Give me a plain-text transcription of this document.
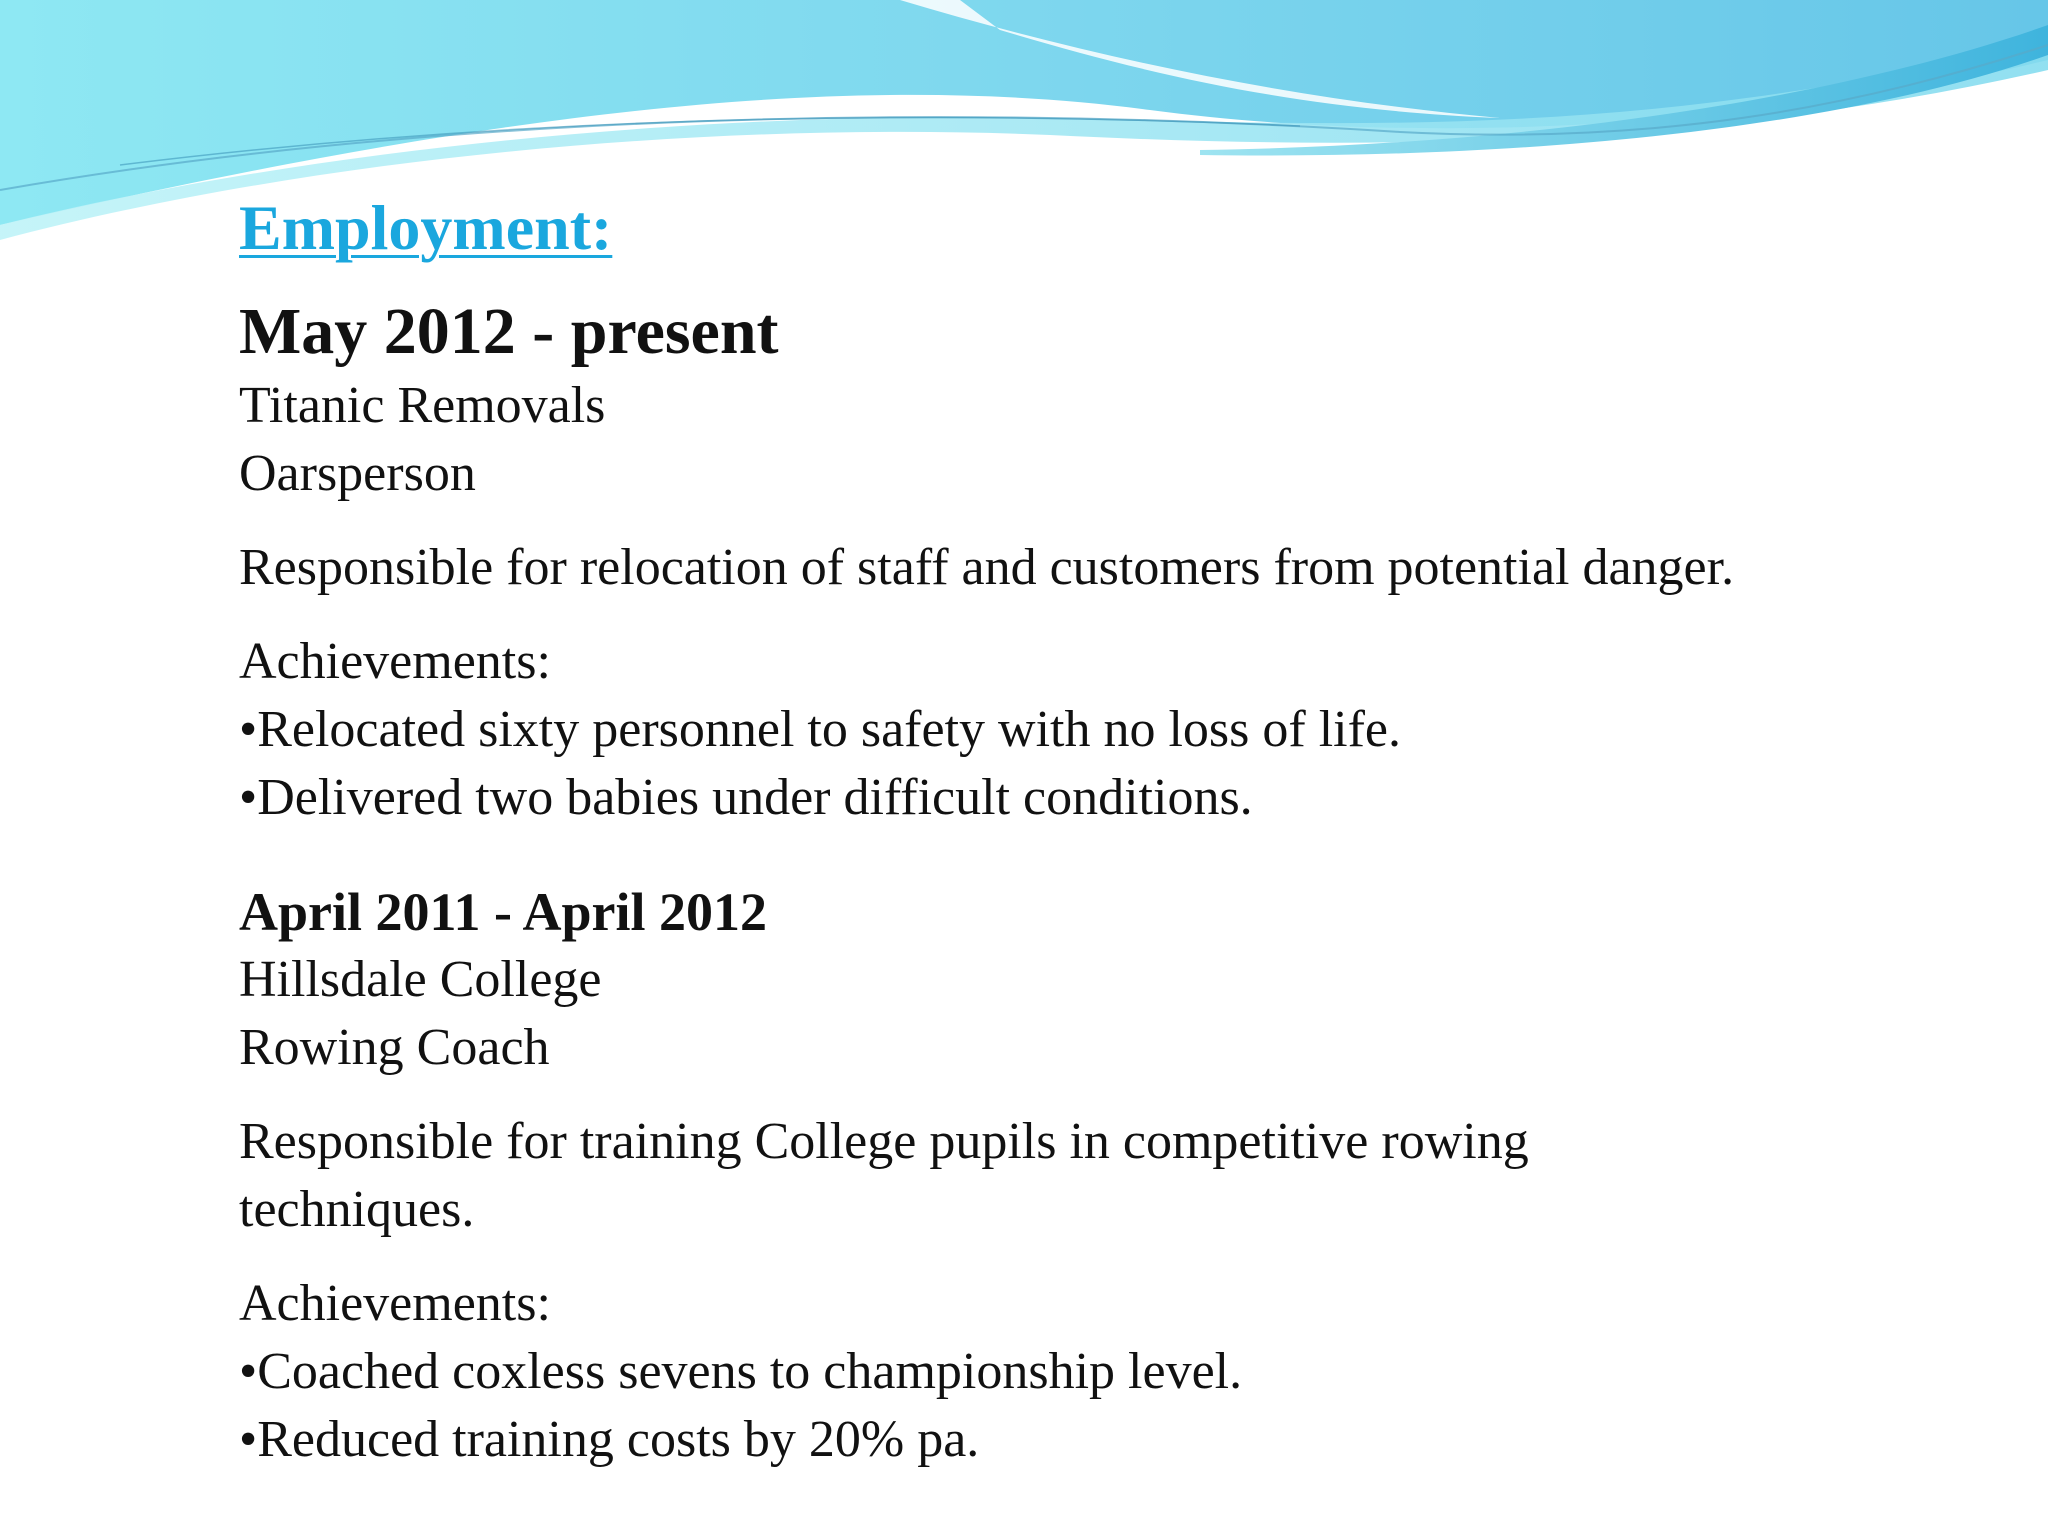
Employment:
May 2012 - present
Titanic Removals
Oarsperson
Responsible for relocation of staff and customers from potential danger.
Achievements:
• Relocated sixty personnel to safety with no loss of life.
• Delivered two babies under difficult conditions.
April 2011 - April 2012
Hillsdale College
Rowing Coach
Responsible for training College pupils in competitive rowing
techniques.
Achievements:
• Coached coxless sevens to championship level.
• Reduced training costs by 20% pa.
